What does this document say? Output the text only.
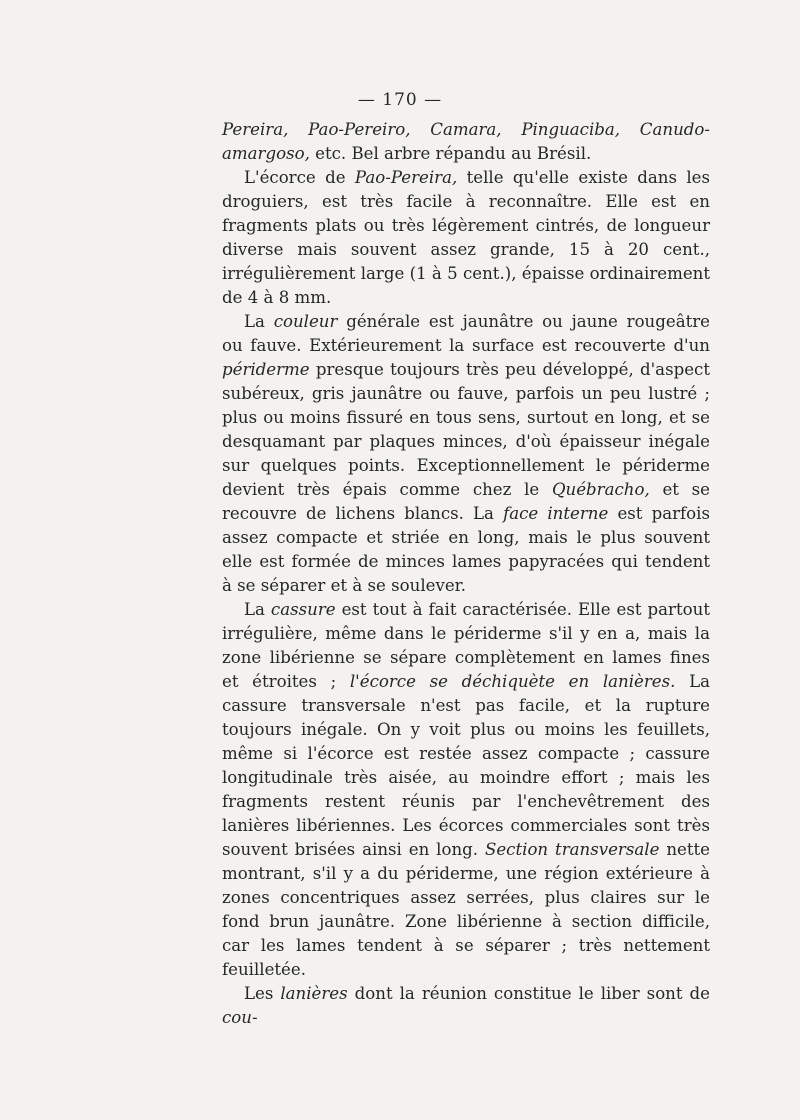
— 170 —

Pereira, Pao-Pereiro, Camara, Pinguaciba, Canudo-amargoso, etc. Bel arbre répandu au Brésil.

L'écorce de Pao-Pereira, telle qu'elle existe dans les droguiers, est très facile à reconnaître. Elle est en fragments plats ou très légèrement cintrés, de longueur diverse mais souvent assez grande, 15 à 20 cent., irrégulièrement large (1 à 5 cent.), épaisse ordinairement de 4 à 8 mm.

La couleur générale est jaunâtre ou jaune rougeâtre ou fauve. Extérieurement la surface est recouverte d'un périderme presque toujours très peu développé, d'aspect subéreux, gris jaunâtre ou fauve, parfois un peu lustré ; plus ou moins fissuré en tous sens, surtout en long, et se desquamant par plaques minces, d'où épaisseur inégale sur quelques points. Exceptionnellement le périderme devient très épais comme chez le Québracho, et se recouvre de lichens blancs. La face interne est parfois assez compacte et striée en long, mais le plus souvent elle est formée de minces lames papyracées qui tendent à se séparer et à se soulever.

La cassure est tout à fait caractérisée. Elle est partout irrégulière, même dans le périderme s'il y en a, mais la zone libérienne se sépare complètement en lames fines et étroites ; l'écorce se déchiquète en lanières. La cassure transversale n'est pas facile, et la rupture toujours inégale. On y voit plus ou moins les feuillets, même si l'écorce est restée assez compacte ; cassure longitudinale très aisée, au moindre effort ; mais les fragments restent réunis par l'enchevêtrement des lanières libériennes. Les écorces commerciales sont très souvent brisées ainsi en long. Section transversale nette montrant, s'il y a du périderme, une région extérieure à zones concentriques assez serrées, plus claires sur le fond brun jaunâtre. Zone libérienne à section difficile, car les lames tendent à se séparer ; très nettement feuilletée.

Les lanières dont la réunion constitue le liber sont de cou-
